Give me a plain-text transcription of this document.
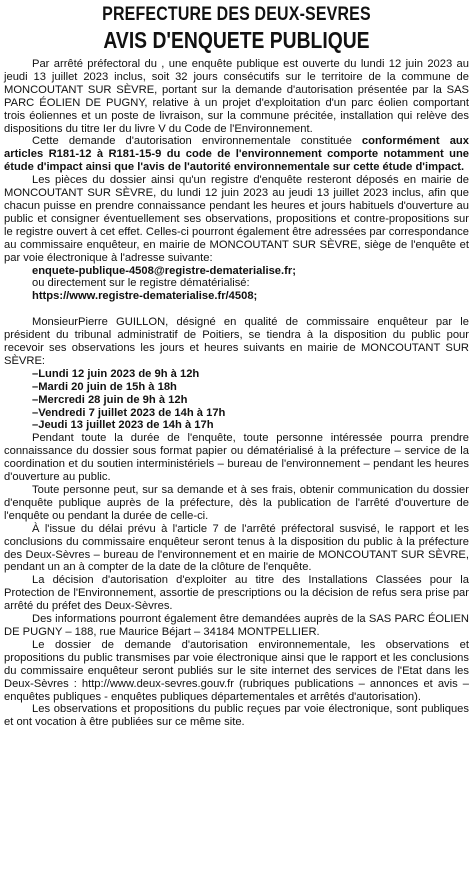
PREFECTURE DES DEUX-SEVRES
AVIS D'ENQUETE PUBLIQUE

Par arrêté préfectoral du , une enquête publique est ouverte du lundi 12 juin 2023 au jeudi 13 juillet 2023 inclus, soit 32 jours consécutifs sur le territoire de la commune de MONCOUTANT SUR SÈVRE, portant sur la demande d'autorisation présentée par la SAS PARC ÉOLIEN DE PUGNY, relative à un projet d'exploitation d'un parc éolien comportant trois éoliennes et un poste de livraison, sur la commune précitée, installation qui relève des dispositions du titre Ier du livre V du Code de l'Environnement.

Cette demande d'autorisation environnementale constituée conformément aux articles R181-12 à R181-15-9 du code de l'environnement comporte notamment une étude d'impact ainsi que l'avis de l'autorité environnementale sur cette étude d'impact.

Les pièces du dossier ainsi qu'un registre d'enquête resteront déposés en mairie de MONCOUTANT SUR SÈVRE, du lundi 12 juin 2023 au jeudi 13 juillet 2023 inclus, afin que chacun puisse en prendre connaissance pendant les heures et jours habituels d'ouverture au public et consigner éventuellement ses observations, propositions et contre-propositions sur le registre ouvert à cet effet. Celles-ci pourront également être adressées par correspondance au commissaire enquêteur, en mairie de MONCOUTANT SUR SÈVRE, siège de l'enquête et par voie électronique à l'adresse suivante:

enquete-publique-4508@registre-dematerialise.fr;

ou directement sur le registre dématérialisé:

https://www.registre-dematerialise.fr/4508;

MonsieurPierre GUILLON, désigné en qualité de commissaire enquêteur par le président du tribunal administratif de Poitiers, se tiendra à la disposition du public pour recevoir ses observations les jours et heures suivants en mairie de MONCOUTANT SUR SÈVRE:

–Lundi 12 juin 2023 de 9h à 12h
–Mardi 20 juin de 15h à 18h
–Mercredi 28 juin de 9h à 12h
–Vendredi 7 juillet 2023 de 14h à 17h
–Jeudi 13 juillet 2023 de 14h à 17h

Pendant toute la durée de l'enquête, toute personne intéressée pourra prendre connaissance du dossier sous format papier ou dématérialisé à la préfecture – service de la coordination et du soutien interministériels – bureau de l'environnement – pendant les heures d'ouverture au public.

Toute personne peut, sur sa demande et à ses frais, obtenir communication du dossier d'enquête publique auprès de la préfecture, dès la publication de l'arrêté d'ouverture de l'enquête ou pendant la durée de celle-ci.

À l'issue du délai prévu à l'article 7 de l'arrêté préfectoral susvisé, le rapport et les conclusions du commissaire enquêteur seront tenus à la disposition du public à la préfecture des Deux-Sèvres – bureau de l'environnement et en mairie de MONCOUTANT SUR SÈVRE, pendant un an à compter de la date de la clôture de l'enquête.

La décision d'autorisation d'exploiter au titre des Installations Classées pour la Protection de l'Environnement, assortie de prescriptions ou la décision de refus sera prise par arrêté du préfet des Deux-Sèvres.

Des informations pourront également être demandées auprès de la SAS PARC ÉOLIEN DE PUGNY – 188, rue Maurice Béjart – 34184 MONTPELLIER.

Le dossier de demande d'autorisation environnementale, les observations et propositions du public transmises par voie électronique ainsi que le rapport et les conclusions du commissaire enquêteur seront publiés sur le site internet des services de l'Etat dans les Deux-Sèvres : http://www.deux-sevres.gouv.fr (rubriques publications – annonces et avis – enquêtes publiques - enquêtes publiques départementales et arrêtés d'autorisation).

Les observations et propositions du public reçues par voie électronique, sont publiques et ont vocation à être publiées sur ce même site.
